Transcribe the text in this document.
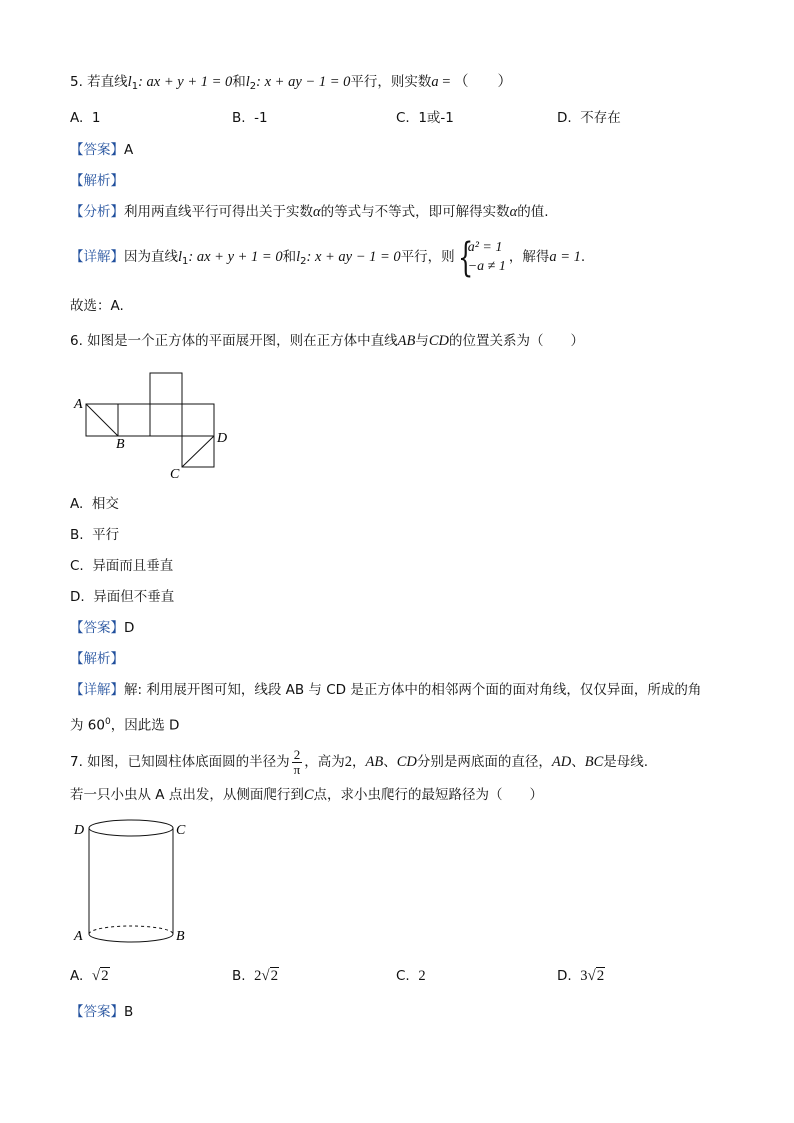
5. 若直线$l_1$: ax + y + 1 = 0和$l_2$: x + ay − 1 = 0平行，则实数a = （　　）
A. 1	B. -1	C. 1或-1	D. 不存在
【答案】A
【解析】
【分析】利用两直线平行可得出关于实数α的等式与不等式，即可解得实数α的值.
【详解】因为直线$l_1$: ax + y + 1 = 0和$l_2$: x + ay − 1 = 0平行，则 {
a² = 1
−a ≠ 1
，解得a = 1.
故选：A.
6. 如图是一个正方体的平面展开图，则在正方体中直线AB与CD的位置关系为（　　）
A
B
C
D
A. 相交
B. 平行
C. 异面而且垂直
D. 异面但不垂直
【答案】D
【解析】
【详解】解: 利用展开图可知，线段 AB 与 CD 是正方体中的相邻两个面的面对角线，仅仅异面，所成的角
为 $60^0$，因此选 D
7. 如图，已知圆柱体底面圆的半径为 $\frac{2}{\pi}$ ，高为2，AB、CD分别是两底面的直径，AD、BC是母线.
若一只小虫从 A 点出发，从侧面爬行到C点，求小虫爬行的最短路径为（　　）
D	C
A	B
A. √2	B. 2√2	C. 2	D. 3√2
【答案】B
